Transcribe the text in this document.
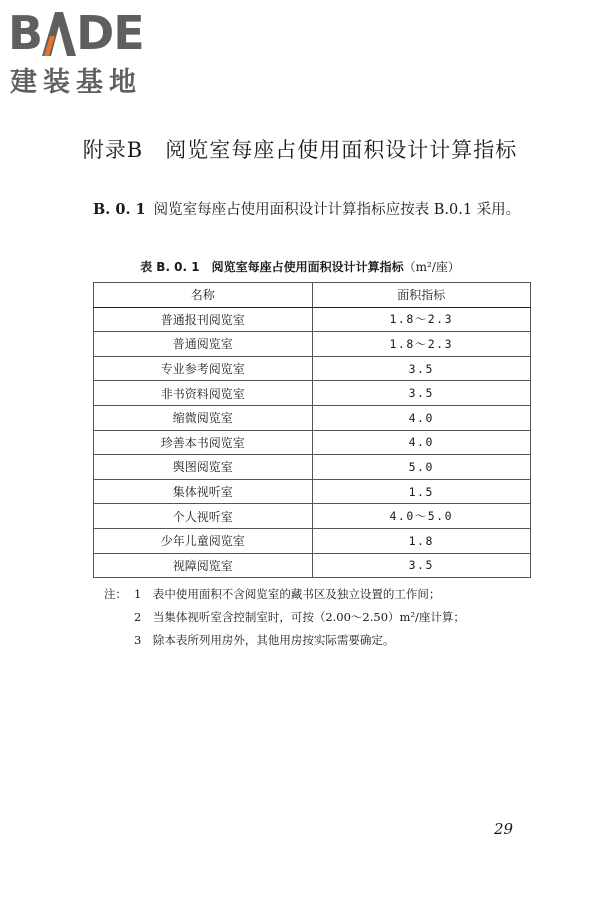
B D E
建装基地
附录B　阅览室每座占使用面积设计计算指标
B. 0. 1 阅览室每座占使用面积设计计算指标应按表 B.0.1 采用。
表 B. 0. 1　阅览室每座占使用面积设计计算指标（m²/座）
名称	面积指标
普通报刊阅览室	1.8～2.3
普通阅览室	1.8～2.3
专业参考阅览室	3.5
非书资料阅览室	3.5
缩微阅览室	4.0
珍善本书阅览室	4.0
舆图阅览室	5.0
集体视听室	1.5
个人视听室	4.0～5.0
少年儿童阅览室	1.8
视障阅览室	3.5
注： 1　 表中使用面积不含阅览室的藏书区及独立设置的工作间；
2　 当集体视听室含控制室时，可按（2.00～2.50）m²/座计算；
3　 除本表所列用房外，其他用房按实际需要确定。
29
